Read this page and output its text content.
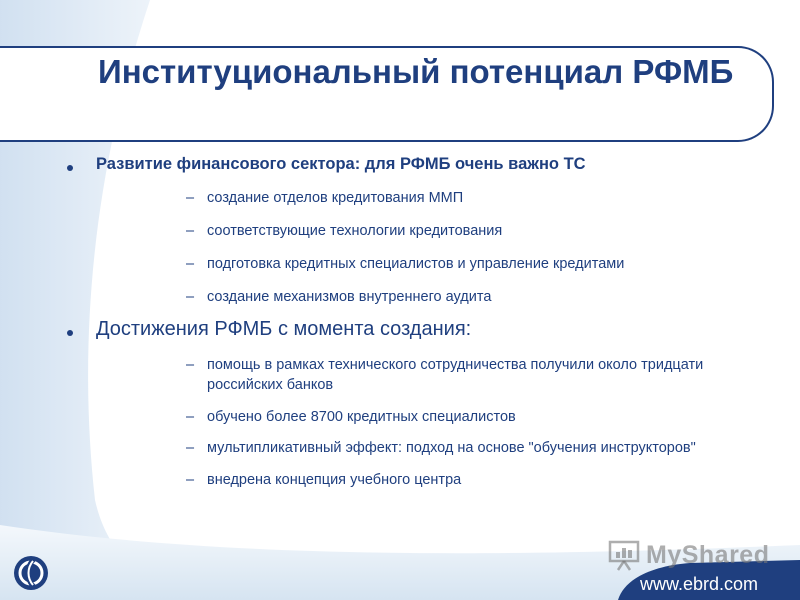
Институциональный потенциал РФМБ
Развитие финансового сектора: для РФМБ очень важно ТС
– создание отделов кредитования ММП
– соответствующие технологии кредитования
– подготовка кредитных специалистов и управление кредитами
– создание механизмов внутреннего аудита
Достижения РФМБ с момента создания:
– помощь в рамках технического сотрудничества получили около тридцати российских банков
– обучено более 8700 кредитных специалистов
– мультипликативный эффект: подход на основе "обучения инструкторов"
– внедрена концепция учебного центра
MyShared
www.ebrd.com
